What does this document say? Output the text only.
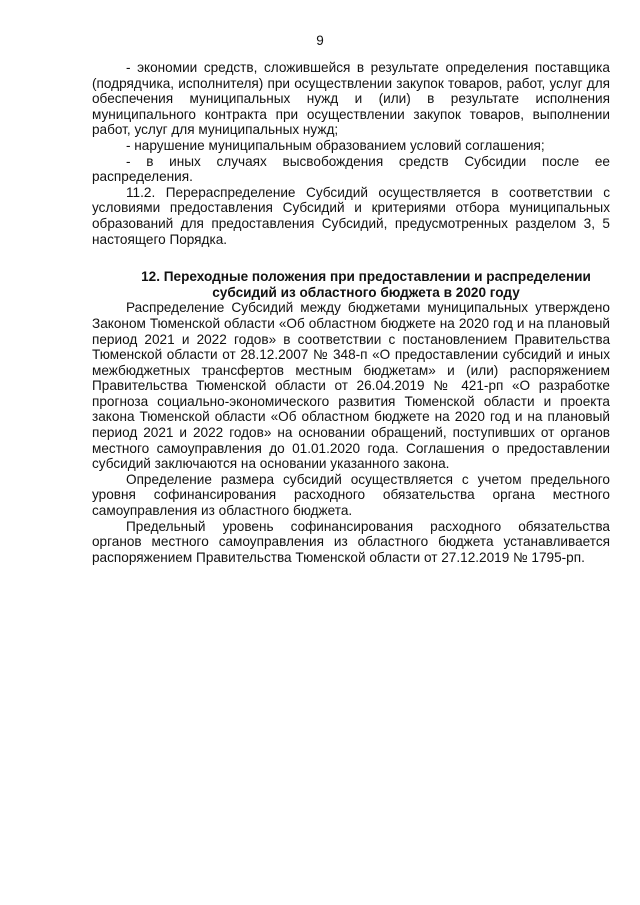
9

- экономии средств, сложившейся в результате определения поставщика (подрядчика, исполнителя) при осуществлении закупок товаров, работ, услуг для обеспечения муниципальных нужд и (или) в результате исполнения муниципального контракта при осуществлении закупок товаров, выполнении работ, услуг для муниципальных нужд;

- нарушение муниципальным образованием условий соглашения;

- в иных случаях высвобождения средств Субсидии после ее распределения.

11.2. Перераспределение Субсидий осуществляется в соответствии с условиями предоставления Субсидий и критериями отбора муниципальных образований для предоставления Субсидий, предусмотренных разделом 3, 5 настоящего Порядка.

12. Переходные положения при предоставлении и распределении
субсидий из областного бюджета в 2020 году

Распределение Субсидий между бюджетами муниципальных утверждено Законом Тюменской области «Об областном бюджете на 2020 год и на плановый период 2021 и 2022 годов» в соответствии с постановлением Правительства Тюменской области от 28.12.2007 № 348-п «О предоставлении субсидий и иных межбюджетных трансфертов местным бюджетам» и (или) распоряжением Правительства Тюменской области от 26.04.2019 № 421-рп «О разработке прогноза социально-экономического развития Тюменской области и проекта закона Тюменской области «Об областном бюджете на 2020 год и на плановый период 2021 и 2022 годов» на основании обращений, поступивших от органов местного самоуправления до 01.01.2020 года. Соглашения о предоставлении субсидий заключаются на основании указанного закона.

Определение размера субсидий осуществляется с учетом предельного уровня софинансирования расходного обязательства органа местного самоуправления из областного бюджета.

Предельный уровень софинансирования расходного обязательства органов местного самоуправления из областного бюджета устанавливается распоряжением Правительства Тюменской области от 27.12.2019 № 1795-рп.
